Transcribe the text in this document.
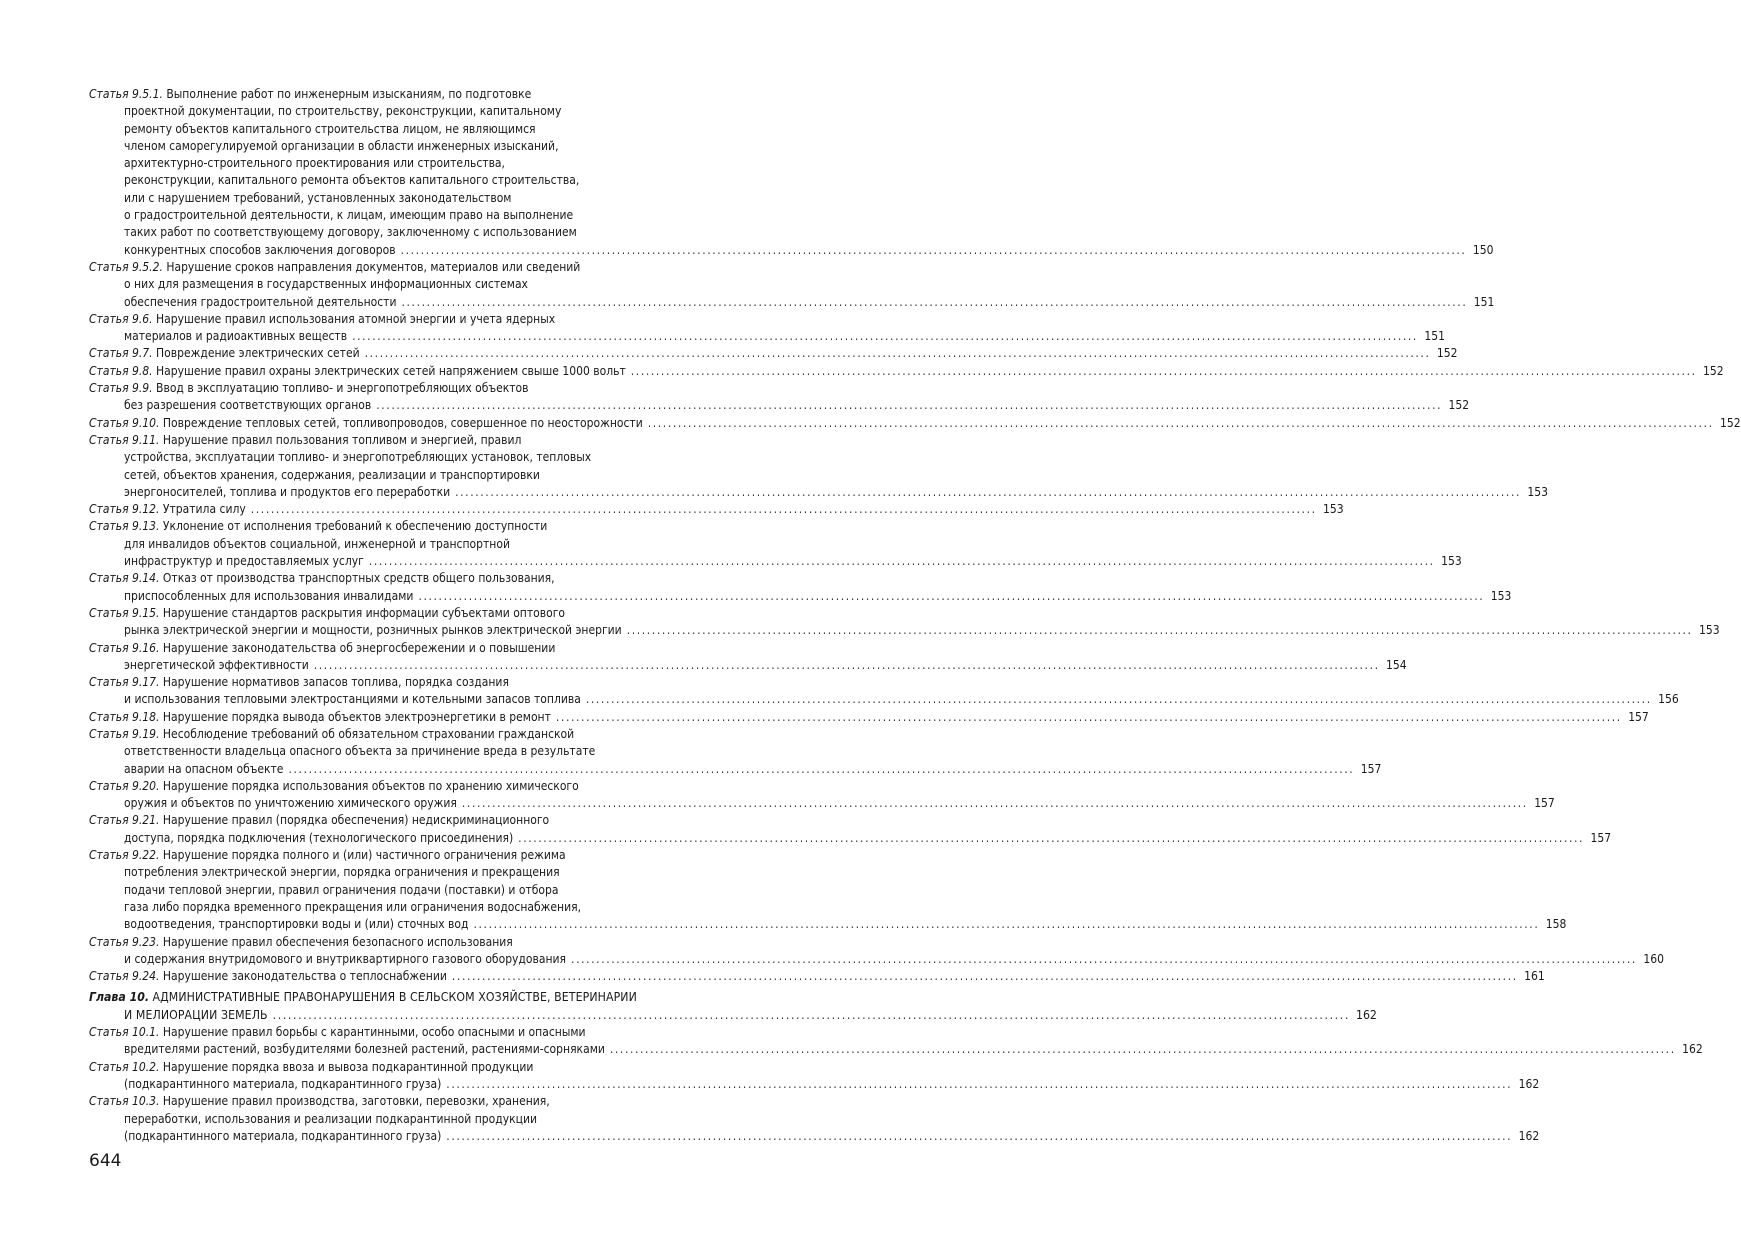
Статья 9.5.1. Выполнение работ по инженерным изысканиям, по подготовке
проектной документации, по строительству, реконструкции, капитальному
ремонту объектов капитального строительства лицом, не являющимся
членом саморегулируемой организации в области инженерных изысканий,
архитектурно-строительного проектирования или строительства,
реконструкции, капитального ремонта объектов капитального строительства,
или с нарушением требований, установленных законодательством
о градостроительной деятельности, к лицам, имеющим право на выполнение
таких работ по соответствующему договору, заключенному с использованием
конкурентных способов заключения договоров .................................................................................................................................................................................................................... 150
Статья 9.5.2. Нарушение сроков направления документов, материалов или сведений
о них для размещения в государственных информационных системах
обеспечения градостроительной деятельности .................................................................................................................................................................................................................... 151
Статья 9.6. Нарушение правил использования атомной энергии и учета ядерных
материалов и радиоактивных веществ .................................................................................................................................................................................................................... 151
Статья 9.7. Повреждение электрических сетей .................................................................................................................................................................................................................... 152
Статья 9.8. Нарушение правил охраны электрических сетей напряжением свыше 1000 вольт .................................................................................................................................................................................................................... 152
Статья 9.9. Ввод в эксплуатацию топливо- и энергопотребляющих объектов
без разрешения соответствующих органов .................................................................................................................................................................................................................... 152
Статья 9.10. Повреждение тепловых сетей, топливопроводов, совершенное по неосторожности .................................................................................................................................................................................................................... 152
Статья 9.11. Нарушение правил пользования топливом и энергией, правил
устройства, эксплуатации топливо- и энергопотребляющих установок, тепловых
сетей, объектов хранения, содержания, реализации и транспортировки
энергоносителей, топлива и продуктов его переработки .................................................................................................................................................................................................................... 153
Статья 9.12. Утратила силу .................................................................................................................................................................................................................... 153
Статья 9.13. Уклонение от исполнения требований к обеспечению доступности
для инвалидов объектов социальной, инженерной и транспортной
инфраструктур и предоставляемых услуг .................................................................................................................................................................................................................... 153
Статья 9.14. Отказ от производства транспортных средств общего пользования,
приспособленных для использования инвалидами .................................................................................................................................................................................................................... 153
Статья 9.15. Нарушение стандартов раскрытия информации субъектами оптового
рынка электрической энергии и мощности, розничных рынков электрической энергии .................................................................................................................................................................................................................... 153
Статья 9.16. Нарушение законодательства об энергосбережении и о повышении
энергетической эффективности .................................................................................................................................................................................................................... 154
Статья 9.17. Нарушение нормативов запасов топлива, порядка создания
и использования тепловыми электростанциями и котельными запасов топлива .................................................................................................................................................................................................................... 156
Статья 9.18. Нарушение порядка вывода объектов электроэнергетики в ремонт .................................................................................................................................................................................................................... 157
Статья 9.19. Несоблюдение требований об обязательном страховании гражданской
ответственности владельца опасного объекта за причинение вреда в результате
аварии на опасном объекте .................................................................................................................................................................................................................... 157
Статья 9.20. Нарушение порядка использования объектов по хранению химического
оружия и объектов по уничтожению химического оружия .................................................................................................................................................................................................................... 157
Статья 9.21. Нарушение правил (порядка обеспечения) недискриминационного
доступа, порядка подключения (технологического присоединения) .................................................................................................................................................................................................................... 157
Статья 9.22. Нарушение порядка полного и (или) частичного ограничения режима
потребления электрической энергии, порядка ограничения и прекращения
подачи тепловой энергии, правил ограничения подачи (поставки) и отбора
газа либо порядка временного прекращения или ограничения водоснабжения,
водоотведения, транспортировки воды и (или) сточных вод .................................................................................................................................................................................................................... 158
Статья 9.23. Нарушение правил обеспечения безопасного использования
и содержания внутридомового и внутриквартирного газового оборудования .................................................................................................................................................................................................................... 160
Статья 9.24. Нарушение законодательства о теплоснабжении .................................................................................................................................................................................................................... 161
Глава 10. АДМИНИСТРАТИВНЫЕ ПРАВОНАРУШЕНИЯ В СЕЛЬСКОМ ХОЗЯЙСТВЕ, ВЕТЕРИНАРИИ
И МЕЛИОРАЦИИ ЗЕМЕЛЬ .................................................................................................................................................................................................................... 162
Статья 10.1. Нарушение правил борьбы с карантинными, особо опасными и опасными
вредителями растений, возбудителями болезней растений, растениями-сорняками .................................................................................................................................................................................................................... 162
Статья 10.2. Нарушение порядка ввоза и вывоза подкарантинной продукции
(подкарантинного материала, подкарантинного груза) .................................................................................................................................................................................................................... 162
Статья 10.3. Нарушение правил производства, заготовки, перевозки, хранения,
переработки, использования и реализации подкарантинной продукции
(подкарантинного материала, подкарантинного груза) .................................................................................................................................................................................................................... 162
644
